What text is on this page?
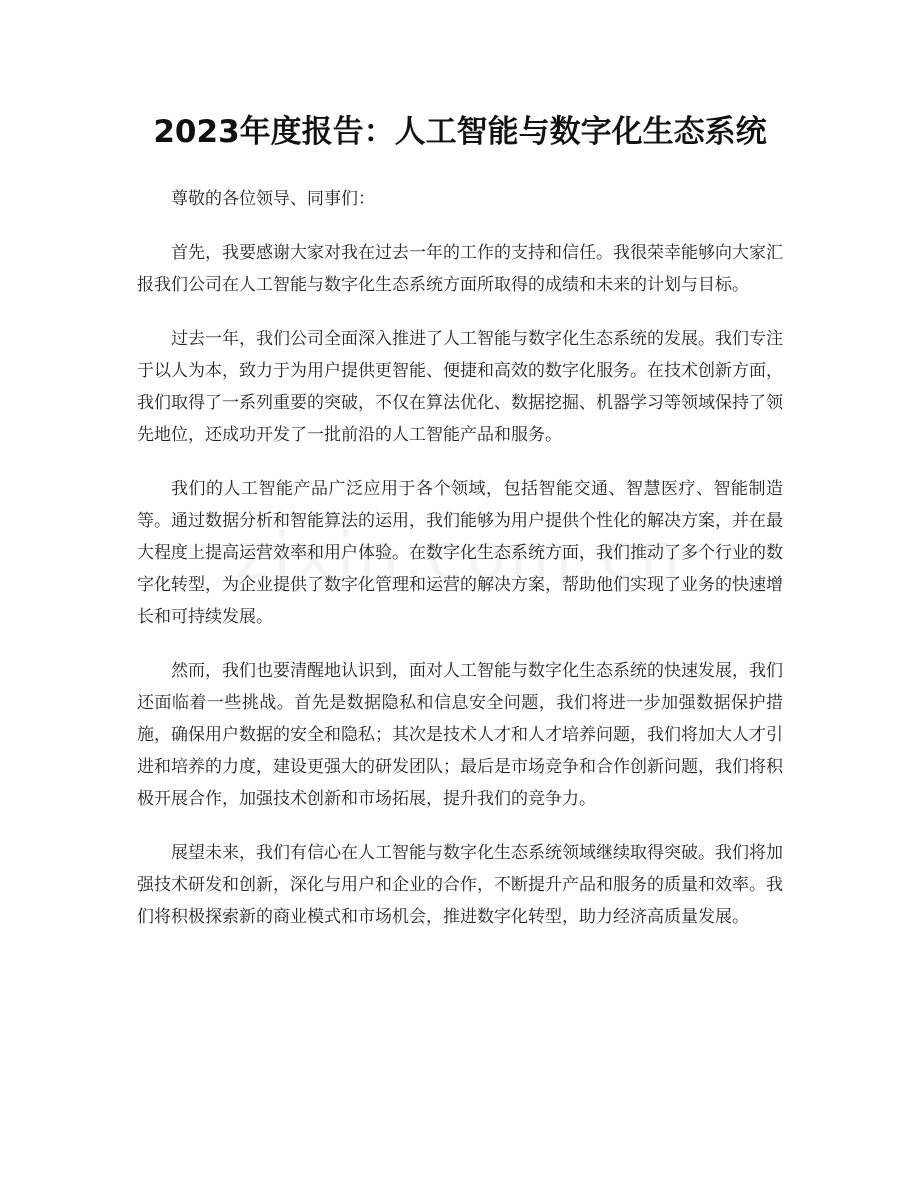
2023年度报告：人工智能与数字化生态系统

尊敬的各位领导、同事们：

首先，我要感谢大家对我在过去一年的工作的支持和信任。我很荣幸能够向大家汇报我们公司在人工智能与数字化生态系统方面所取得的成绩和未来的计划与目标。

过去一年，我们公司全面深入推进了人工智能与数字化生态系统的发展。我们专注于以人为本，致力于为用户提供更智能、便捷和高效的数字化服务。在技术创新方面，我们取得了一系列重要的突破，不仅在算法优化、数据挖掘、机器学习等领域保持了领先地位，还成功开发了一批前沿的人工智能产品和服务。

我们的人工智能产品广泛应用于各个领域，包括智能交通、智慧医疗、智能制造等。通过数据分析和智能算法的运用，我们能够为用户提供个性化的解决方案，并在最大程度上提高运营效率和用户体验。在数字化生态系统方面，我们推动了多个行业的数字化转型，为企业提供了数字化管理和运营的解决方案，帮助他们实现了业务的快速增长和可持续发展。

然而，我们也要清醒地认识到，面对人工智能与数字化生态系统的快速发展，我们还面临着一些挑战。首先是数据隐私和信息安全问题，我们将进一步加强数据保护措施，确保用户数据的安全和隐私；其次是技术人才和人才培养问题，我们将加大人才引进和培养的力度，建设更强大的研发团队；最后是市场竞争和合作创新问题，我们将积极开展合作，加强技术创新和市场拓展，提升我们的竞争力。

展望未来，我们有信心在人工智能与数字化生态系统领域继续取得突破。我们将加强技术研发和创新，深化与用户和企业的合作，不断提升产品和服务的质量和效率。我们将积极探索新的商业模式和市场机会，推进数字化转型，助力经济高质量发展。
